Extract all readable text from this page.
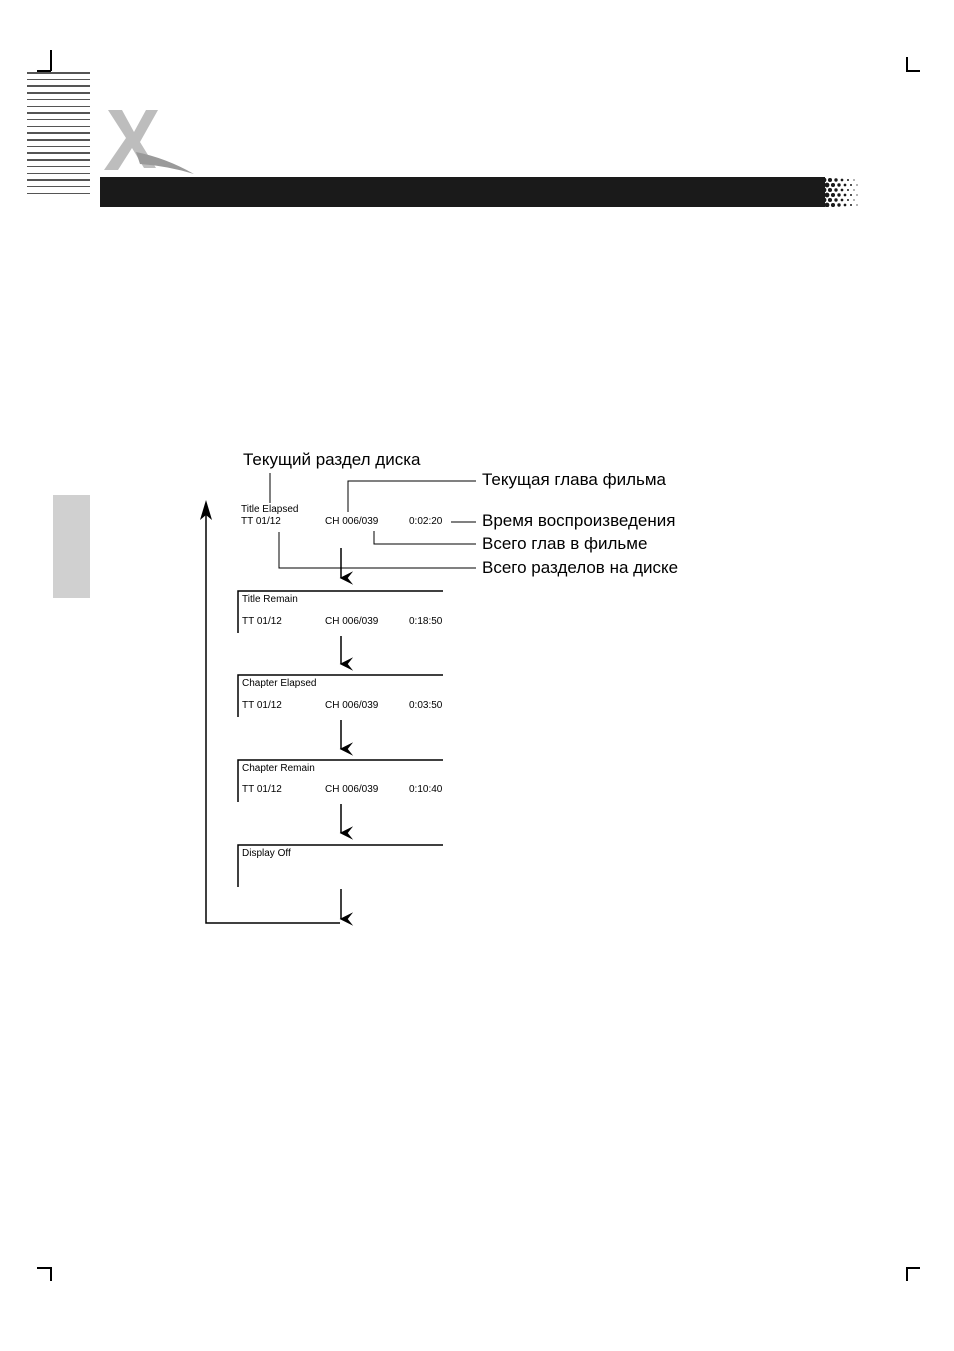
Текущий раздел диска
Текущая глава фильма
Время воспроизведения
Всего глав в фильме
Всего разделов на диске
Title Elapsed
TT 01/12	CH 006/039	0:02:20
Title Remain
TT 01/12	CH 006/039	0:18:50
Chapter Elapsed
TT 01/12	CH 006/039	0:03:50
Chapter Remain
TT 01/12	CH 006/039	0:10:40
Display Off
